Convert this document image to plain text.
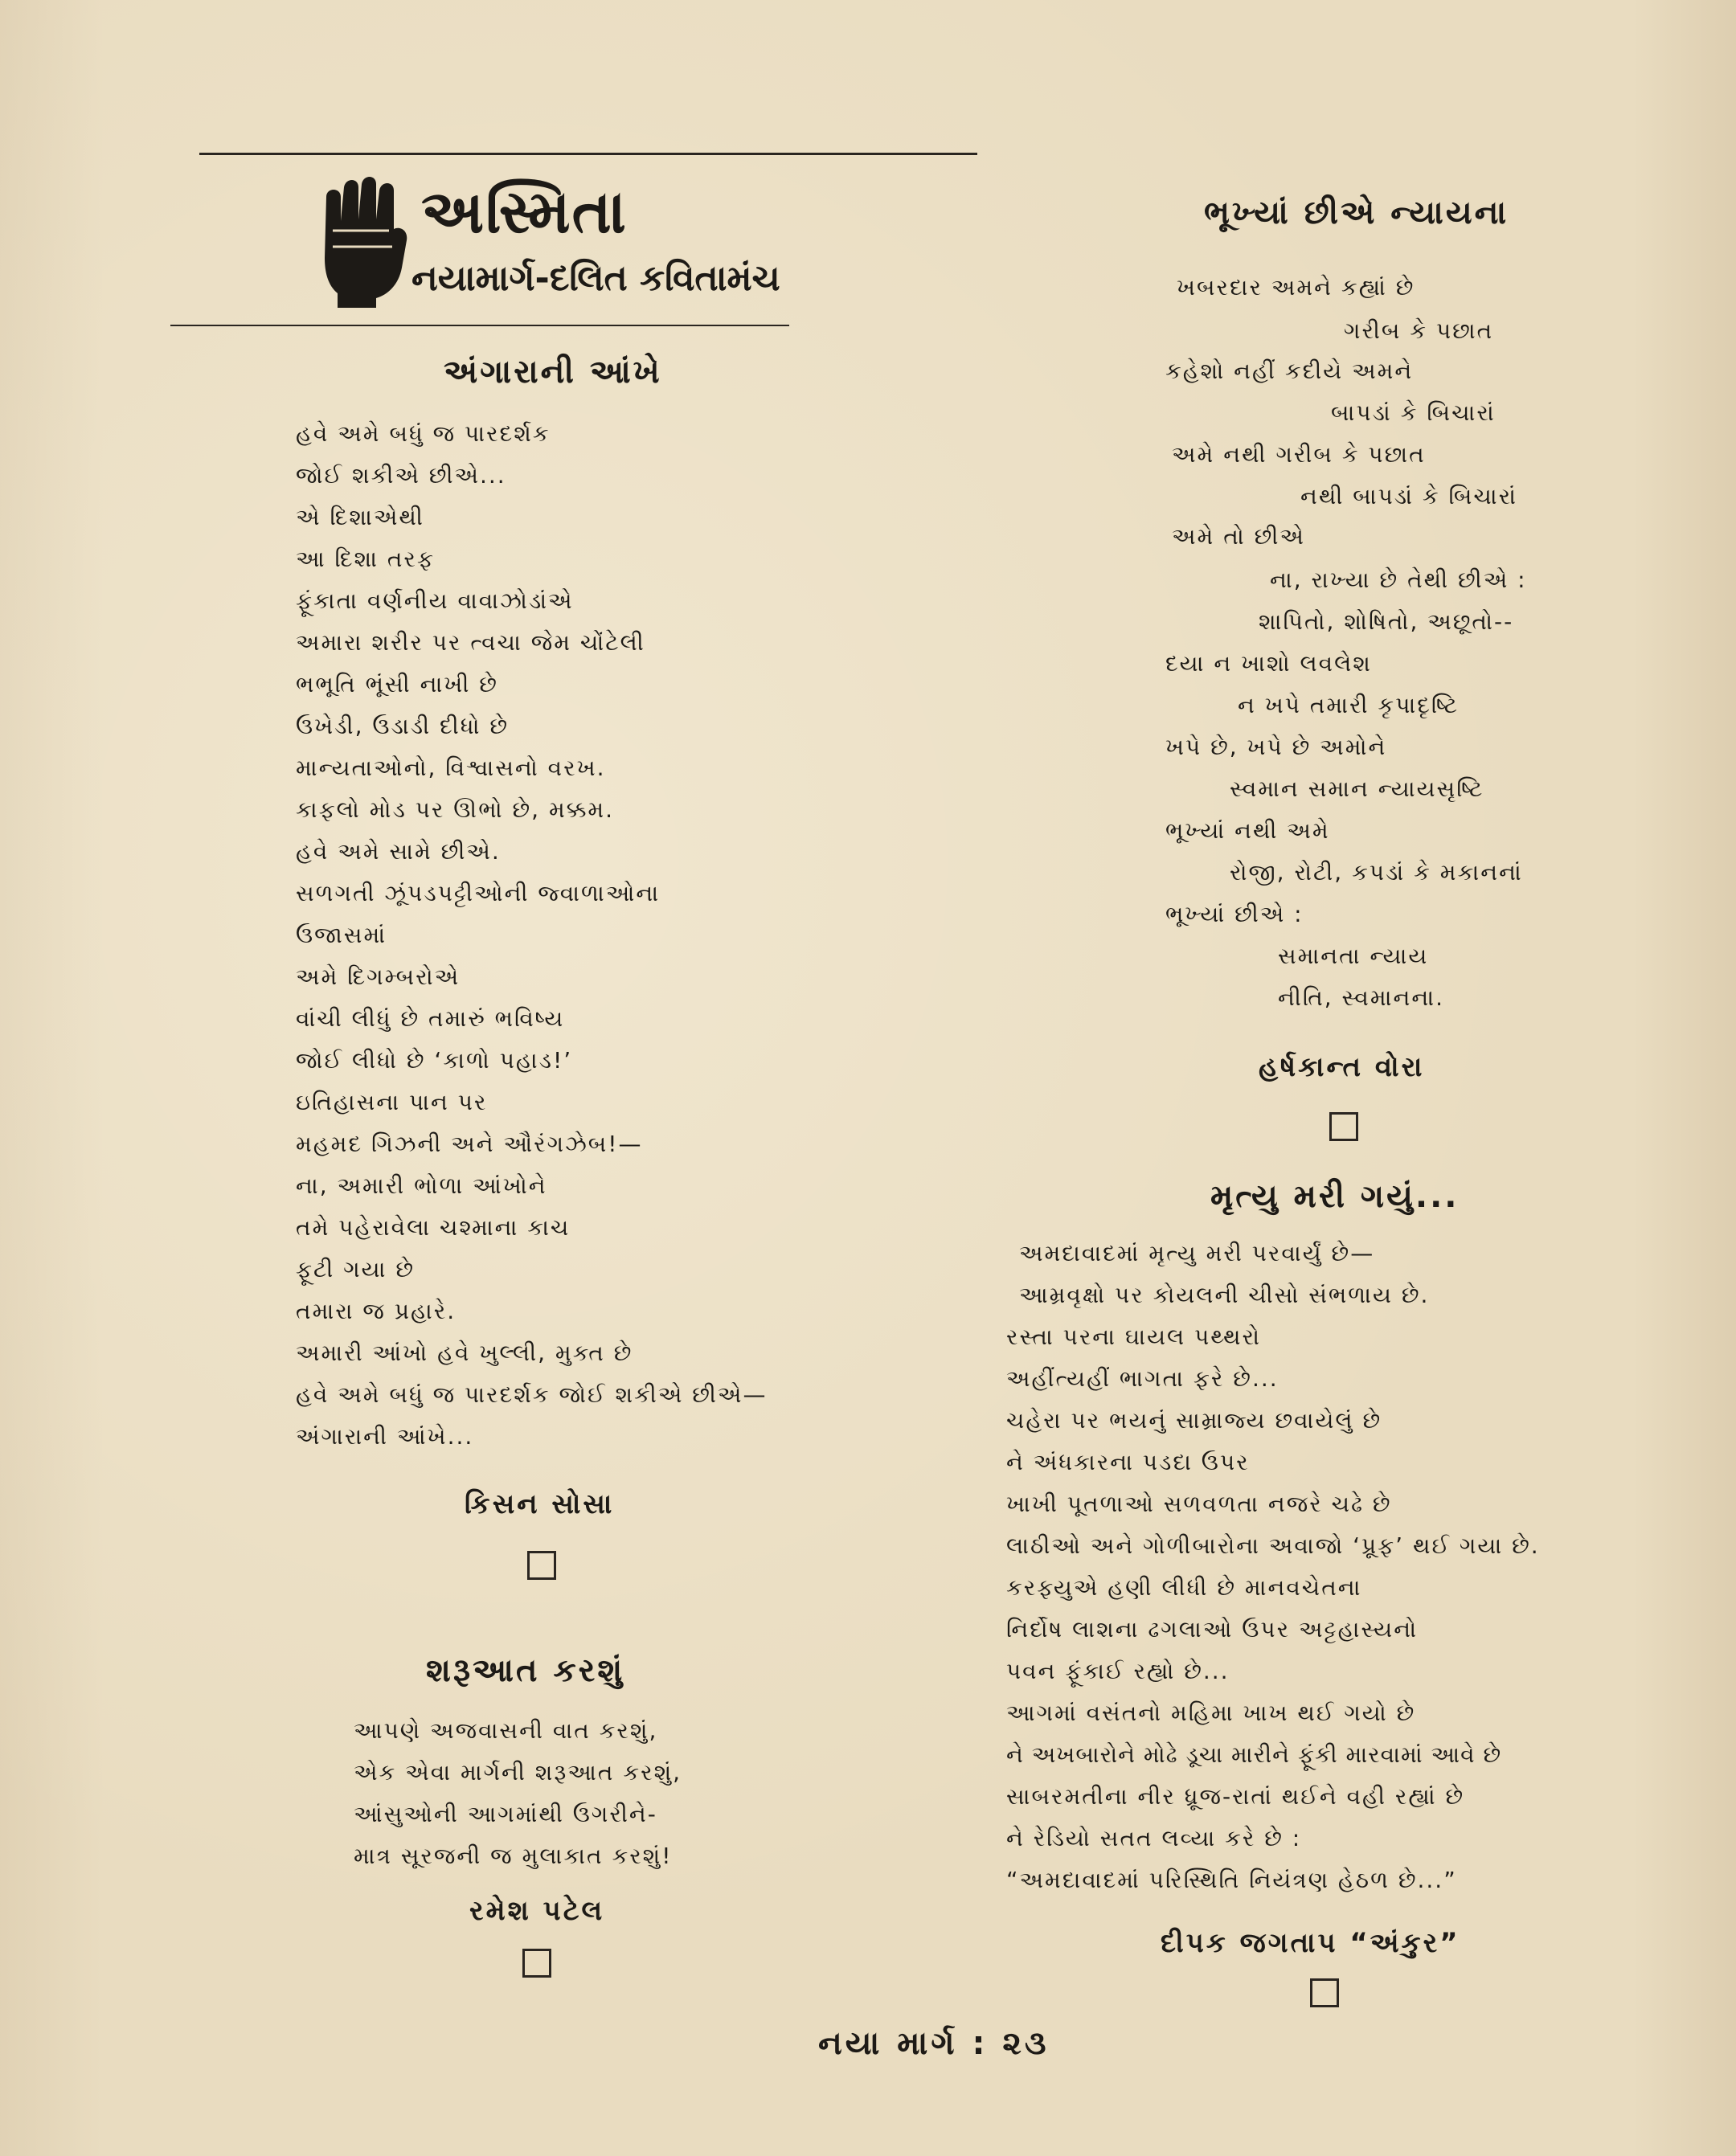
અસ્મિતા
નયામાર્ગ-દલિત કવિતામંચ
અંગારાની આંખે
હવે અમે બધું જ પારદર્શક
જોઈ શકીએ છીએ...
એ દિશાએથી
આ દિશા તરફ
ફૂંકાતા વર્ણનીય વાવાઝોડાંએ
અમારા શરીર પર ત્વચા જેમ ચોંટેલી
ભભૂતિ ભૂંસી નાખી છે
ઉખેડી, ઉડાડી દીધો છે
માન્યતાઓનો, વિશ્વાસનો વરખ.
કાફલો મોડ પર ઊભો છે, મક્કમ.
હવે અમે સામે છીએ.
સળગતી ઝૂંપડપટ્ટીઓની જ્વાળાઓના
ઉજાસમાં
અમે દિગમ્બરોએ
વાંચી લીધું છે તમારું ભવિષ્ય
જોઈ લીધો છે ‘કાળો પહાડ!’
ઇતિહાસના પાન પર
મહમદ ગિઝની અને ઔરંગઝેબ!—
ના, અમારી ભોળા આંખોને
તમે પહેરાવેલા ચશ્માના કાચ
ફૂટી ગયા છે
તમારા જ પ્રહારે.
અમારી આંખો હવે ખુલ્લી, મુક્ત છે
હવે અમે બધું જ પારદર્શક જોઈ શકીએ છીએ—
અંગારાની આંખે...
કિસન સોસા
શરૂઆત કરશું
આપણે અજવાસની વાત કરશું,
એક એવા માર્ગની શરૂઆત કરશું,
આંસુઓની આગમાંથી ઉગરીને-
માત્ર સૂરજની જ મુલાકાત કરશું!
રમેશ પટેલ
ભૂખ્યાં છીએ ન્યાયના
ખબરદાર અમને કહ્યાં છે
ગરીબ કે પછાત
કહેશો નહીં કદીયે અમને
બાપડાં કે બિચારાં
અમે નથી ગરીબ કે પછાત
નથી બાપડાં કે બિચારાં
અમે તો છીએ
ના, રાખ્યા છે તેથી છીએ :
શાપિતો, શોષિતો, અછૂતો--
દયા ન ખાશો લવલેશ
ન ખપે તમારી કૃપાદૃષ્ટિ
ખપે છે, ખપે છે અમોને
સ્વમાન સમાન ન્યાયસૃષ્ટિ
ભૂખ્યાં નથી અમે
રોજી, રોટી, કપડાં કે મકાનનાં
ભૂખ્યાં છીએ :
સમાનતા ન્યાય
નીતિ, સ્વમાનના.
હર્ષકાન્ત વોરા
મૃત્યુ મરી ગયું...
અમદાવાદમાં મૃત્યુ મરી પરવાર્યું છે—
આમ્રવૃક્ષો પર કોયલની ચીસો સંભળાય છે.
રસ્તા પરના ઘાયલ પથ્થરો
અહીંત્યહીં ભાગતા ફરે છે...
ચહેરા પર ભયનું સામ્રાજ્ય છવાયેલું છે
ને અંધકારના પડદા ઉપર
ખાખી પૂતળાઓ સળવળતા નજરે ચઢે છે
લાઠીઓ અને ગોળીબારોના અવાજો ‘પ્રૂફ’ થઈ ગયા છે.
કરફ્યુએ હણી લીધી છે માનવચેતના
નિર્દોષ લાશના ઢગલાઓ ઉપર અટ્ટહાસ્યનો
પવન ફૂંકાઈ રહ્યો છે...
આગમાં વસંતનો મહિમા ખાખ થઈ ગયો છે
ને અખબારોને મોઢે ડૂચા મારીને ફૂંકી મારવામાં આવે છે
સાબરમતીના નીર ધ્રૂજ-રાતાં થઈને વહી રહ્યાં છે
ને રેડિયો સતત લવ્યા કરે છે :
“અમદાવાદમાં પરિસ્થિતિ નિયંત્રણ હેઠળ છે...”
દીપક જગતાપ “અંકુર”
નયા માર્ગ : ૨૩
